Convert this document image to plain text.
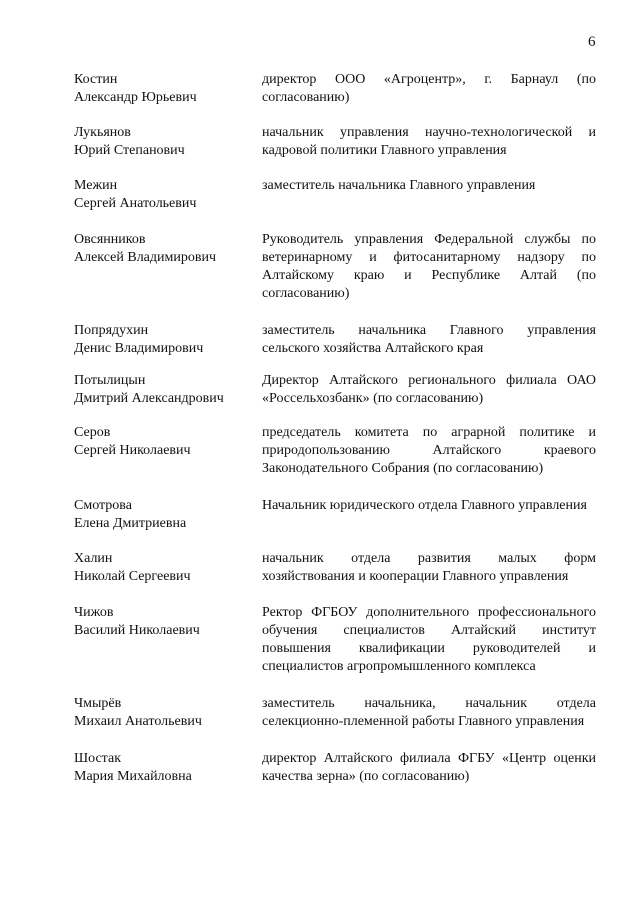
6
Костин
Александр Юрьевич
директор ООО «Агроцентр», г. Барнаул (по согласованию)
Лукьянов
Юрий Степанович
начальник управления научно-технологической и кадровой политики Главного управления
Межин
Сергей Анатольевич
заместитель начальника Главного управления
Овсянников
Алексей Владимирович
Руководитель управления Федеральной службы по ветеринарному и фитосанитарному надзору по Алтайскому краю и Республике Алтай (по согласованию)
Попрядухин
Денис Владимирович
заместитель начальника Главного управления сельского хозяйства Алтайского края
Потылицын
Дмитрий Александрович
Директор Алтайского регионального филиала ОАО «Россельхозбанк» (по согласованию)
Серов
Сергей Николаевич
председатель комитета по аграрной политике и природопользованию Алтайского краевого Законодательного Собрания (по согласованию)
Смотрова
Елена Дмитриевна
Начальник юридического отдела Главного управления
Халин
Николай Сергеевич
начальник отдела развития малых форм хозяйствования и кооперации Главного управления
Чижов
Василий Николаевич
Ректор ФГБОУ дополнительного профессионального обучения специалистов Алтайский институт повышения квалификации руководителей и специалистов агропромышленного комплекса
Чмырёв
Михаил Анатольевич
заместитель начальника, начальник отдела селекционно-племенной работы Главного управления
Шостак
Мария Михайловна
директор Алтайского филиала ФГБУ «Центр оценки качества зерна» (по согласованию)
